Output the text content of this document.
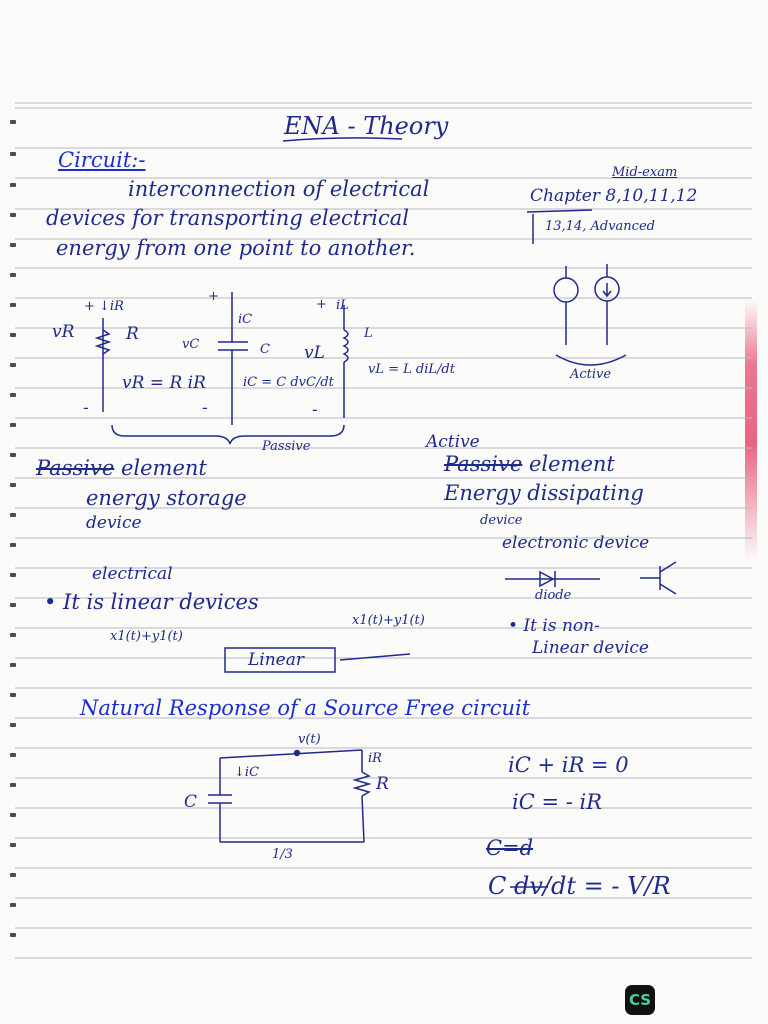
ENA - Theory
Circuit:-
interconnection of electrical
devices for transporting electrical
energy from one point to another.
Mid-exam
Chapter 8,10,11,12
13,14, Advanced
+ ↓iR
vR	R
vR = R iR
-
+
iC
vC	C
iC = C dvC/dt
-
+ iL
L
vL
vL = L diL/dt
-
Passive
Active
Passive element
energy storage
device
electrical
• It is linear devices
x1(t)+y1(t)
Linear
Active
Passive element
Energy dissipating
device
electronic device
diode
• It is non-
Linear device
x1(t)+y1(t)
Natural Response of a Source Free circuit
v(t)
↓iC
C
iR
R
1/3
iC + iR = 0
iC = - iR
C=d
C dv/dt = - V/R
CS
